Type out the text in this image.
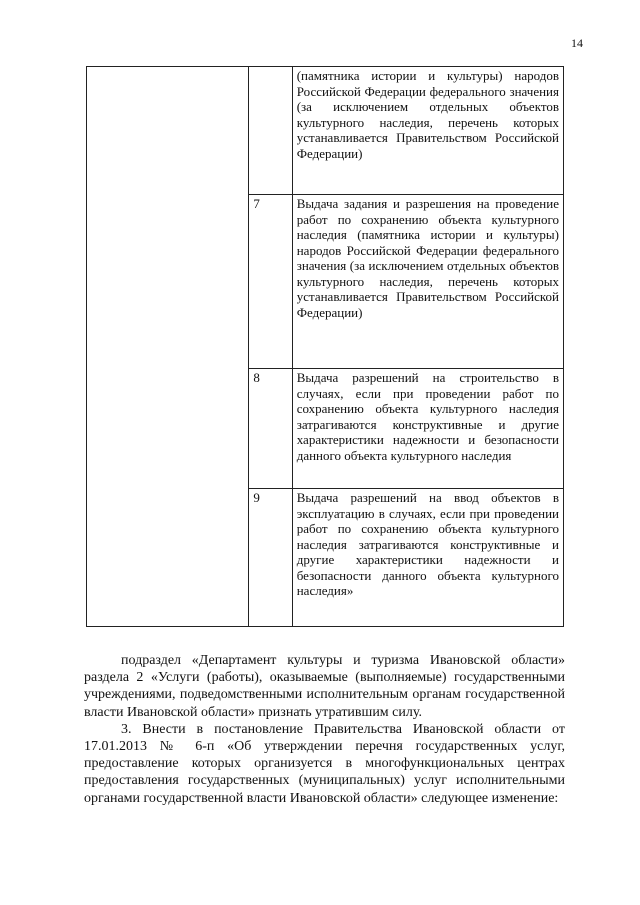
14
		(памятника истории и культуры) народов Российской Федерации федерального значения (за исключением отдельных объектов культурного наследия, перечень которых устанавливается Правительством Российской Федерации)
	7	Выдача задания и разрешения на проведение работ по сохранению объекта культурного наследия (памятника истории и культуры) народов Российской Федерации федерального значения (за исключением отдельных объектов культурного наследия, перечень которых устанавливается Правительством Российской Федерации)
	8	Выдача разрешений на строительство в случаях, если при проведении работ по сохранению объекта культурного наследия затрагиваются конструктивные и другие характеристики надежности и безопасности данного объекта культурного наследия
	9	Выдача разрешений на ввод объектов в эксплуатацию в случаях, если при проведении работ по сохранению объекта культурного наследия затрагиваются конструктивные и другие характеристики надежности и безопасности данного объекта культурного наследия»

подраздел «Департамент культуры и туризма Ивановской области» раздела 2 «Услуги (работы), оказываемые (выполняемые) государственными учреждениями, подведомственными исполнительным органам государственной власти Ивановской области» признать утратившим силу.

3. Внести в постановление Правительства Ивановской области от 17.01.2013 № 6-п «Об утверждении перечня государственных услуг, предоставление которых организуется в многофункциональных центрах предоставления государственных (муниципальных) услуг исполнительными органами государственной власти Ивановской области» следующее изменение:
